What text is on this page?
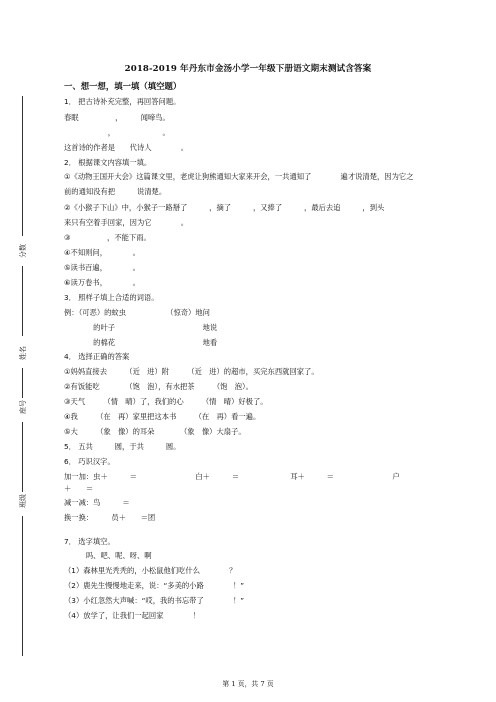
2018-2019 年丹东市金汤小学一年级下册语文期末测试含答案
一、想一想，填一填（填空题）
分数
姓名
座号
班级
1． 把古诗补充完整，再回答问题。
春眠　　　　　，　　　闻啼鸟。
　　　　　　，　　　　　　　。
这首诗的作者是　　代诗人　　　　。
2． 根据课文内容填一填。
①《动物王国开大会》这篇课文里，老虎让狗熊通知大家来开会，一共通知了　　　　遍才说清楚，因为它之
前的通知没有把　　　说清楚。
②《小猴子下山》中，小猴子一路掰了　　　，摘了　　　，又捧了　　　，最后去追　　　，到头
来只有空着手回家，因为它　　　　。
③　　　　　，不能下雨。
④不知则问，　　　　。
⑤读书百遍，　　　　。
⑥读万卷书，　　　　。
3． 照样子填上合适的词语。
例：（可恶）的蚊虫　　　　　　（惊奇）地问
　　　　的叶子　　　　　　　　　　　　地说
　　　　的棉花　　　　　　　　　　　　地看
4． 选择正确的答案
①妈妈直接去　　　（近　进）附　　　（近　进）的超市，买完东西就回家了。
②有饭能吃　　　　（饱　泡），有水把茶　　　（饱　泡）。
③天气　　　（情　晴）了，我们的心　　　（情　晴）好极了。
④我　　　（在　再）家里把这本书　　　（在　再）看一遍。
⑤大　　　（象　像）的耳朵　　　　（象　像）大扇子。
5． 五共　　　圆，于共　　　圆。
6． 巧识汉字。
加一加：虫＋　　　＝　　　　　　　　白＋　　　＝　　　　　　　耳＋　　　＝　　　　　　　　户
＋　　＝
减一减：鸟　　　＝
换一换：　　　员＋　　＝团
7． 选字填空。
　　　吗、吧、呢、呀、啊
（1）森林里光秃秃的，小松鼠他们吃什么　　　　？
（2）鹿先生慢慢地走来，说：“多美的小路　　　　！”
（3）小红忽然大声喊：“哎，我的书忘带了　　　　！”
（4）放学了，让我们一起回家　　　　！
第 1 页，共 7 页
